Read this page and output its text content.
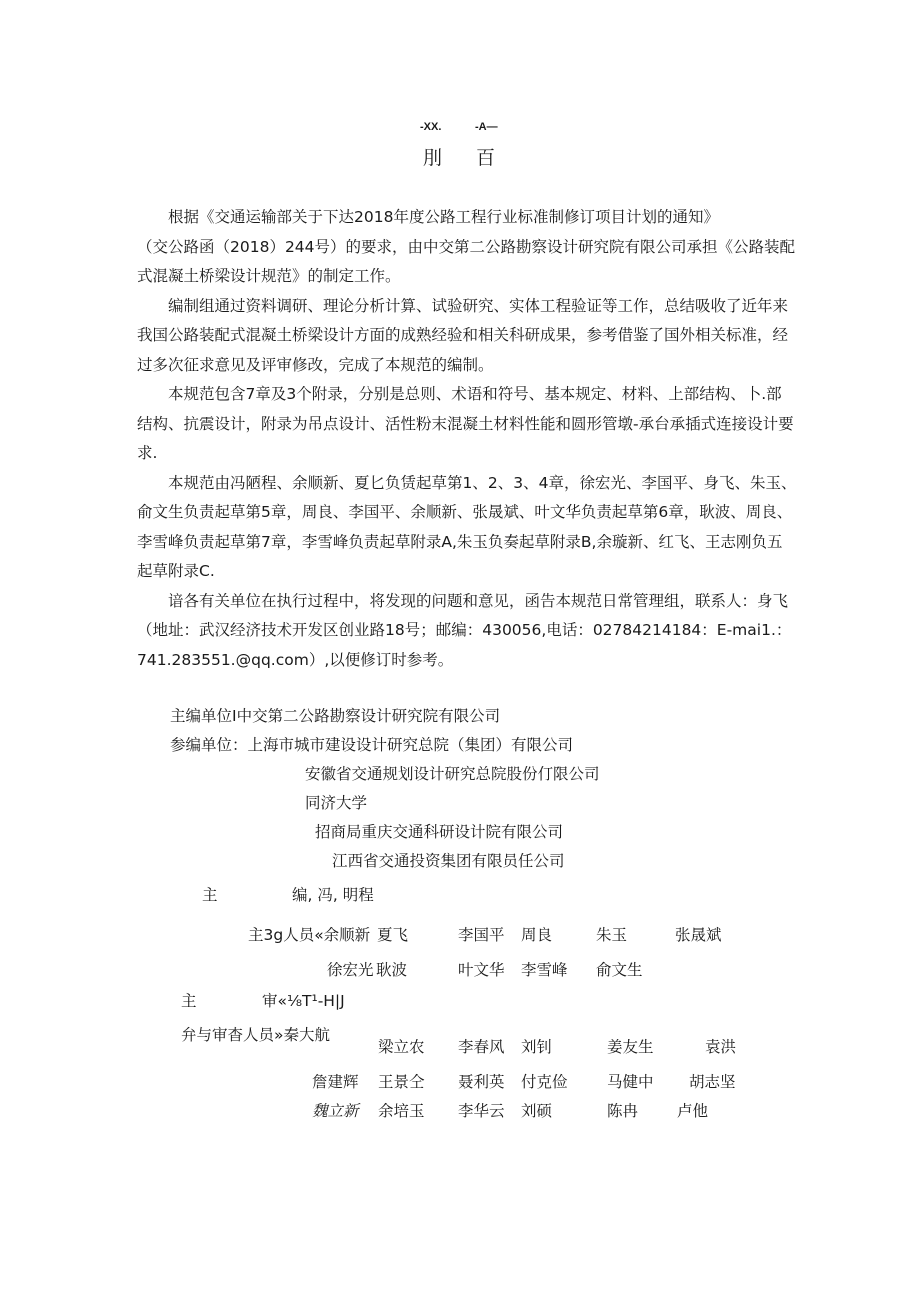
-XX.	-A—
刖 百

根据《交通运输部关于下达2018年度公路工程行业标准制修订项目计划的通知》

（交公路函（2018）244号）的要求，由中交第二公路勘察设计研究院有限公司承担《公路装配式混凝土桥梁设计规范》的制定工作。

编制组通过资料调研、理论分析计算、试验研究、实体工程验证等工作，总结吸收了近年来我国公路装配式混凝土桥梁设计方面的成熟经验和相关科研成果，参考借鉴了国外相关标准，经过多次征求意见及评审修改，完成了本规范的编制。

本规范包含7章及3个附录，分别是总则、术语和符号、基本规定、材料、上部结构、卜.部结构、抗震设计，附录为吊点设计、活性粉末混凝土材料性能和圆形管墩-承台承插式连接设计要求.

本规范由冯陋程、余顺新、夏匕负赁起草第1、2、3、4章，徐宏光、李国平、身飞、朱玉、俞文生负责起草第5章，周良、李国平、余顺新、张晟斌、叶文华负责起草第6章，耿波、周良、李雪峰负责起草第7章，李雪峰负责起草附录A,朱玉负奏起草附录B,余璇新、红飞、王志刚负五起草附录C.

谙各有关单位在执行过程中，将发现的问题和意见，函告本规范日常管理组，联系人：身飞（地址：武汉经济技术开发区创业路18号；邮编：430056,电话：02784214184：E-mai1.：741.283551.@qq.com）,以便修订时参考。

主编单位I中交第二公路勘察设计研究院有限公司
参编单位：上海市城市建设设计研究总院（集团）有限公司
安徽省交通规划设计研究总院股份仃限公司
同济大学
招商局重庆交通科研设计院有限公司
江西省交通投资集团有限员任公司
主	编, 冯, 明程
主3g人员«余顺新 夏飞	李国平 周良	朱玉	张晟斌
徐宏光 耿波	叶文华 李雪峰 俞文生
主	审«⅛T¹-H|J
弁与审杳人员»秦大航
梁立农 李春风 刘钊	姜友生	袁洪
詹建辉 王景仝 聂利英 付克俭	马健中 胡志坚
魏立新 余培玉 李华云 刘硕	陈冉	卢他
